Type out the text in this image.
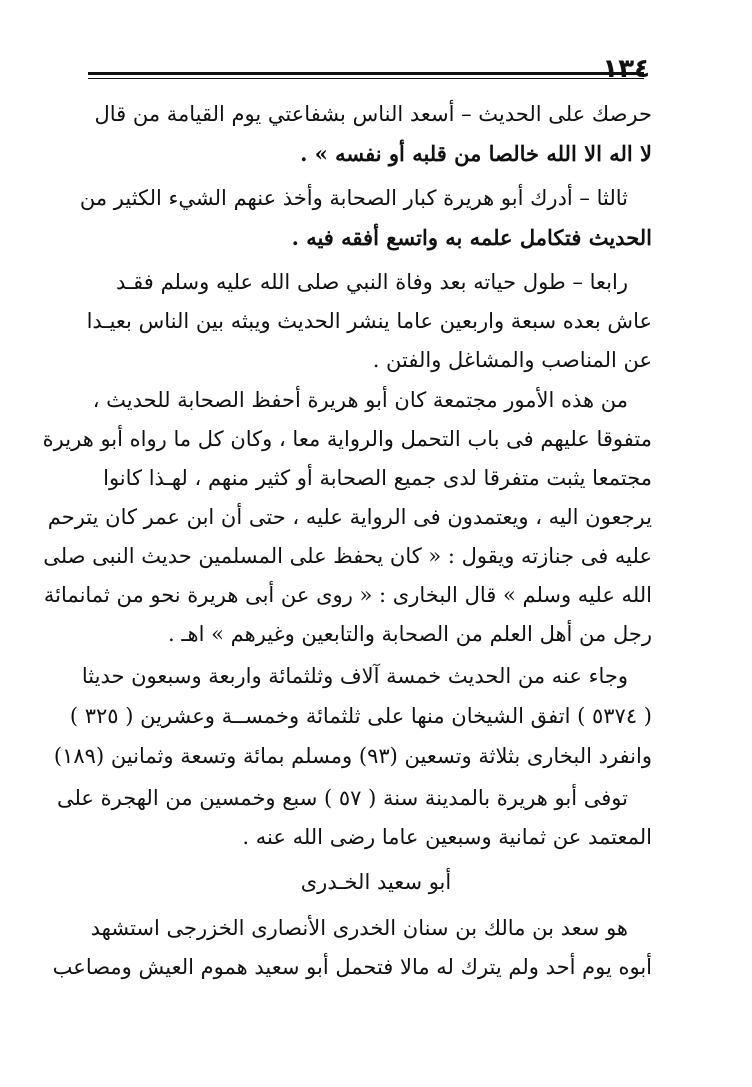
١٣٤
حرصك على الحديث – أسعد الناس بشفاعتي يوم القيامة من قال
لا اله الا الله خالصا من قلبه أو نفسه » .
ثالثا – أدرك أبو هريرة كبار الصحابة وأخذ عنهم الشيء الكثير من
الحديث فتكامل علمه به واتسع أفقه فيه .
رابعا – طول حياته بعد وفاة النبي صلى الله عليه وسلم فقـد
عاش بعده سبعة واربعين عاما ينشر الحديث ويبثه بين الناس بعيـدا
عن المناصب والمشاغل والفتن .
من هذه الأمور مجتمعة كان أبو هريرة أحفظ الصحابة للحديث ،
متفوقا عليهم فى باب التحمل والرواية معا ، وكان كل ما رواه أبو هريرة
مجتمعا يثبت متفرقا لدى جميع الصحابة أو كثير منهم ، لهـذا كانوا
يرجعون اليه ، ويعتمدون فى الرواية عليه ، حتى أن ابن عمر كان يترحم
عليه فى جنازته ويقول : « كان يحفظ على المسلمين حديث النبى صلى
الله عليه وسلم » قال البخارى : « روى عن أبى هريرة نحو من ثمانمائة
رجل من أهل العلم من الصحابة والتابعين وغيرهم » اهـ .
وجاء عنه من الحديث خمسة آلاف وثلثمائة واربعة وسبعون حديثا
( ٥٣٧٤ ) اتفق الشيخان منها على ثلثمائة وخمســة وعشرين ( ٣٢٥ )
وانفرد البخارى بثلاثة وتسعين (٩٣) ومسلم بمائة وتسعة وثمانين (١٨٩)
توفى أبو هريرة بالمدينة سنة ( ٥٧ ) سبع وخمسين من الهجرة على
المعتمد عن ثمانية وسبعين عاما رضى الله عنه .
أبو سعيد الخـدرى
هو سعد بن مالك بن سنان الخدرى الأنصارى الخزرجى استشهد
أبوه يوم أحد ولم يترك له مالا فتحمل أبو سعيد هموم العيش ومصاعب
